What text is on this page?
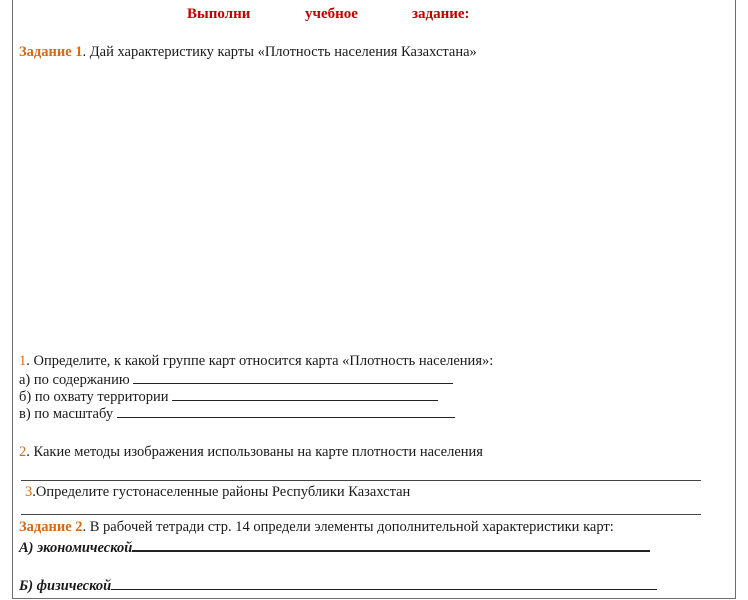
Выполни	учебное	задание:
Задание 1. Дай характеристику карты «Плотность населения Казахстана»
1. Определите, к какой группе карт относится карта «Плотность населения»:
а) по содержанию
б) по охвату территории
в) по масштабу
2. Какие методы изображения использованы на карте плотности населения
3.Определите густонаселенные районы Республики Казахстан
Задание 2. В рабочей тетради стр. 14 определи элементы дополнительной характеристики карт:
А) экономической
Б) физической
